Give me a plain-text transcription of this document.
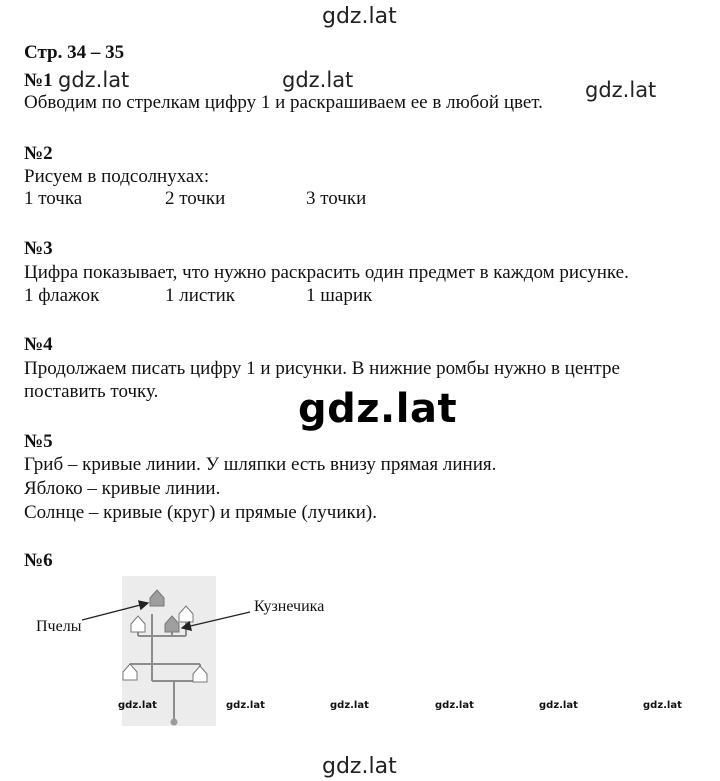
gdz.lat
gdz.lat	gdz.lat	gdz.lat
gdz.lat
gdz.lat
Стр. 34 – 35
№1
Обводим по стрелкам цифру 1 и раскрашиваем ее в любой цвет.
№2
Рисуем в подсолнухах:
1 точка	2 точки	3 точки
№3
Цифра показывает, что нужно раскрасить один предмет в каждом рисунке.
1 флажок	1 листик	1 шарик
№4
Продолжаем писать цифру 1 и рисунки. В нижние ромбы нужно в центре
поставить точку.
№5
Гриб – кривые линии. У шляпки есть внизу прямая линия.
Яблоко – кривые линии.
Солнце – кривые (круг) и прямые (лучики).
№6
Пчелы
Кузнечика
gdz.lat	gdz.lat	gdz.lat	gdz.lat	gdz.lat	gdz.lat
